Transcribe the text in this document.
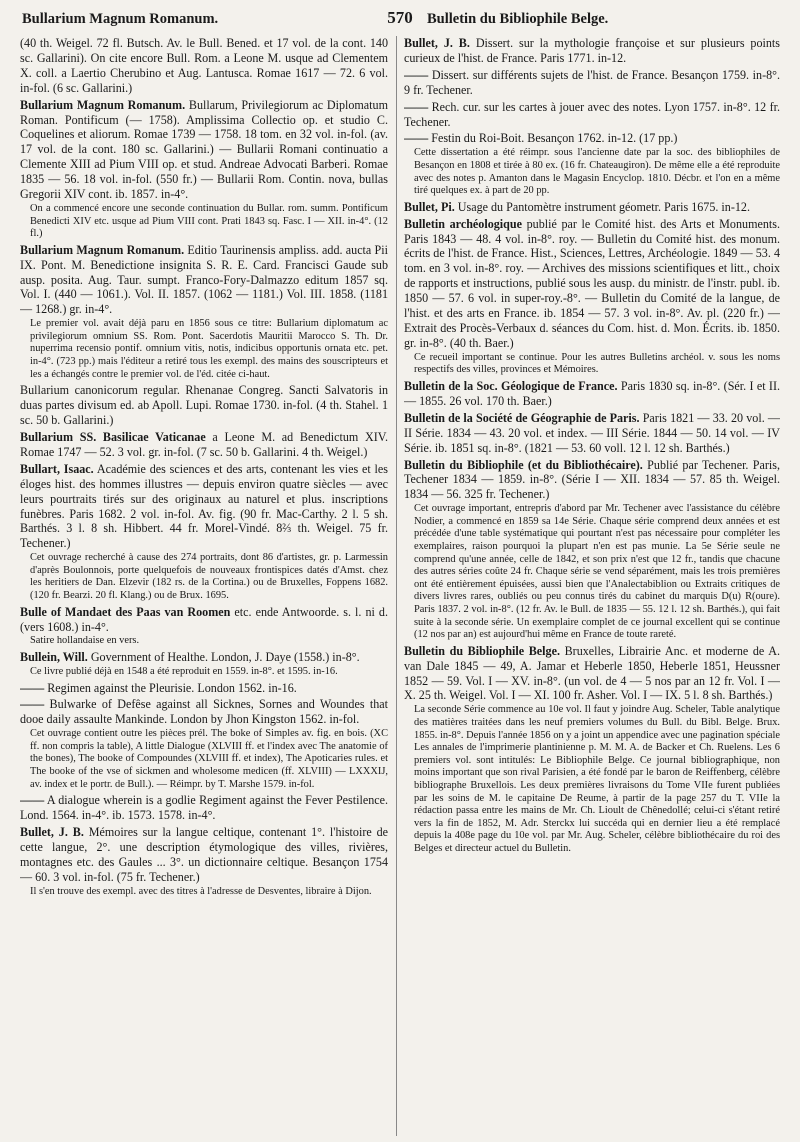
Bullarium Magnum Romanum.	570 Bulletin du Bibliophile Belge.
(40 th. Weigel. 72 fl. Butsch. Av. le Bull. Bened. et 17 vol. de la cont. 140 sc. Gallarini). On cite encore Bull. Rom. a Leone M. usque ad Clementem X. coll. a Laertio Cherubino et Aug. Lantusca. Romae 1617 — 72. 6 vol. in-fol. (6 sc. Gallarini.)
Bullarium Magnum Romanum. Bullarum, Privilegiorum ac Diplomatum Roman. Pontificum (— 1758). Amplissima Collectio op. et studio C. Coquelines et aliorum. Romae 1739 — 1758. 18 tom. en 32 vol. in-fol. (av. 17 vol. de la cont. 180 sc. Gallarini.) — Bullarii Romani continuatio a Clemente XIII ad Pium VIII op. et stud. Andreae Advocati Barberi. Romae 1835 — 56. 18 vol. in-fol. (550 fr.) — Bullarii Rom. Contin. nova, bullas Gregorii XIV cont. ib. 1857. in-4°.
On a commencé encore une seconde continuation du Bullar. rom. summ. Pontificum Benedicti XIV etc. usque ad Pium VIII cont. Prati 1843 sq. Fasc. I — XII. in-4°. (12 fl.)
Bullarium Magnum Romanum. Editio Taurinensis ampliss. add. aucta Pii IX. Pont. M. Benedictione insignita S. R. E. Card. Francisci Gaude sub ausp. posita. Aug. Taur. sumpt. Franco-Fory-Dalmazzo editum 1857 sq. Vol. I. (440 — 1061.). Vol. II. 1857. (1062 — 1181.) Vol. III. 1858. (1181 — 1268.) gr. in-4°.
Le premier vol. avait déjà paru en 1856 sous ce titre: Bullarium diplomatum ac privilegiorum omnium SS. Rom. Pont. Sacerdotis Mauritii Marocco S. Th. Dr. nuperrima recensio pontif. omnium vitis, notis, indicibus opportunis ornata etc. pet. in-4°. (723 pp.) mais l'éditeur a retiré tous les exempl. des mains des souscripteurs et les a échangés contre le premier vol. de l'éd. citée ci-haut.
Bullarium canonicorum regular. Rhenanae Congreg. Sancti Salvatoris in duas partes divisum ed. ab Apoll. Lupi. Romae 1730. in-fol. (4 th. Stahel. 1 sc. 50 b. Gallarini.)
Bullarium SS. Basilicae Vaticanae a Leone M. ad Benedictum XIV. Romae 1747 — 52. 3 vol. gr. in-fol. (7 sc. 50 b. Gallarini. 4 th. Weigel.)
Bullart, Isaac. Académie des sciences et des arts, contenant les vies et les éloges hist. des hommes illustres — depuis environ quatre siècles — avec leurs pourtraits tirés sur des originaux au naturel et plus. inscriptions funèbres. Paris 1682. 2 vol. in-fol. Av. fig. (90 fr. Mac-Carthy. 2 l. 5 sh. Barthés. 3 l. 8 sh. Hibbert. 44 fr. Morel-Vindé. 8⅔ th. Weigel. 75 fr. Techener.)
Cet ouvrage recherché à cause des 274 portraits, dont 86 d'artistes, gr. p. Larmessin d'après Boulonnois, porte quelquefois de nouveaux frontispices datés d'Amst. chez les heritiers de Dan. Elzevir (182 rs. de la Cortina.) ou de Bruxelles, Foppens 1682. (120 fr. Bearzi. 20 fl. Klang.) ou de Brux. 1695.
Bulle of Mandaet des Paas van Roomen etc. ende Antwoorde. s. l. ni d. (vers 1608.) in-4°.
Satire hollandaise en vers.
Bullein, Will. Government of Healthe. London, J. Daye (1558.) in-8°.
Ce livre publié déjà en 1548 a été reproduit en 1559. in-8°. et 1595. in-16.
—— Regimen against the Pleurisie. London 1562. in-16.
—— Bulwarke of Defêse against all Sicknes, Sornes and Woundes that dooe daily assaulte Mankinde. London by Jhon Kingston 1562. in-fol.
Cet ouvrage contient outre les pièces prél. The boke of Simples av. fig. en bois. (XC ff. non compris la table), A little Dialogue (XLVIII ff. et l'index avec The anatomie of the bones), The booke of Compoundes (XLVIII ff. et index), The Apoticaries rules. et The booke of the vse of sickmen and wholesome medicen (ff. XLVIII) — LXXXIJ, av. index et le portr. de Bull.). — Réimpr. by T. Marshe 1579. in-fol.
—— A dialogue wherein is a godlie Regiment against the Fever Pestilence. Lond. 1564. in-4°. ib. 1573. 1578. in-4°.
Bullet, J. B. Mémoires sur la langue celtique, contenant 1°. l'histoire de cette langue, 2°. une description étymologique des villes, rivières, montagnes etc. des Gaules ... 3°. un dictionnaire celtique. Besançon 1754 — 60. 3 vol. in-fol. (75 fr. Techener.)
Il s'en trouve des exempl. avec des titres à l'adresse de Desventes, libraire à Dijon.
Bullet, J. B. Dissert. sur la mythologie françoise et sur plusieurs points curieux de l'hist. de France. Paris 1771. in-12.
—— Dissert. sur différents sujets de l'hist. de France. Besançon 1759. in-8°. 9 fr. Techener.
—— Rech. cur. sur les cartes à jouer avec des notes. Lyon 1757. in-8°. 12 fr. Techener.
—— Festin du Roi-Boit. Besançon 1762. in-12. (17 pp.)
Cette dissertation a été réimpr. sous l'ancienne date par la soc. des bibliophiles de Besançon en 1808 et tirée à 80 ex. (16 fr. Chateaugiron). De même elle a été reproduite avec des notes p. Amanton dans le Magasin Encyclop. 1810. Décbr. et l'on en a même tiré quelques ex. à part de 20 pp.
Bullet, Pi. Usage du Pantomètre instrument géometr. Paris 1675. in-12.
Bulletin archéologique publié par le Comité hist. des Arts et Monuments. Paris 1843 — 48. 4 vol. in-8°. roy. — Bulletin du Comité hist. des monum. écrits de l'hist. de France. Hist., Sciences, Lettres, Archéologie. 1849 — 53. 4 tom. en 3 vol. in-8°. roy. — Archives des missions scientifiques et litt., choix de rapports et instructions, publié sous les ausp. du ministr. de l'instr. publ. ib. 1850 — 57. 6 vol. in super-roy.-8°. — Bulletin du Comité de la langue, de l'hist. et des arts en France. ib. 1854 — 57. 3 vol. in-8°. Av. pl. (220 fr.) — Extrait des Procès-Verbaux d. séances du Com. hist. d. Mon. Écrits. ib. 1850. gr. in-8°. (40 th. Baer.)
Ce recueil important se continue. Pour les autres Bulletins archéol. v. sous les noms respectifs des villes, provinces et Mémoires.
Bulletin de la Soc. Géologique de France. Paris 1830 sq. in-8°. (Sér. I et II. — 1855. 26 vol. 170 th. Baer.)
Bulletin de la Société de Géographie de Paris. Paris 1821 — 33. 20 vol. — II Série. 1834 — 43. 20 vol. et index. — III Série. 1844 — 50. 14 vol. — IV Série. ib. 1851 sq. in-8°. (1821 — 53. 60 voll. 12 l. 12 sh. Barthés.)
Bulletin du Bibliophile (et du Bibliothécaire). Publié par Techener. Paris, Techener 1834 — 1859. in-8°. (Série I — XII. 1834 — 57. 85 th. Weigel. 1834 — 56. 325 fr. Techener.)
Cet ouvrage important, entrepris d'abord par Mr. Techener avec l'assistance du célèbre Nodier, a commencé en 1859 sa 14e Série. Chaque série comprend deux années et est précédée d'une table systématique qui pourtant n'est pas nécessaire pour compléter les exemplaires, raison pourquoi la plupart n'en est pas munie. La 5e Série seule ne comprend qu'une année, celle de 1842, et son prix n'est que 12 fr., tandis que chacune des autres séries coûte 24 fr. Chaque série se vend séparément, mais les trois premières ont été entièrement épuisées, aussi bien que l'Analectabiblion ou Extraits critiques de divers livres rares, oubliés ou peu connus tirés du cabinet du marquis D(u) R(oure). Paris 1837. 2 vol. in-8°. (12 fr. Av. le Bull. de 1835 — 55. 12 l. 12 sh. Barthés.), qui fait suite à la seconde série. Un exemplaire complet de ce journal excellent qui se continue (12 nos par an) est aujourd'hui même en France de toute rareté.
Bulletin du Bibliophile Belge. Bruxelles, Librairie Anc. et moderne de A. van Dale 1845 — 49, A. Jamar et Heberle 1850, Heberle 1851, Heussner 1852 — 59. Vol. I — XV. in-8°. (un vol. de 4 — 5 nos par an 12 fr. Vol. I — X. 25 th. Weigel. Vol. I — XI. 100 fr. Asher. Vol. I — IX. 5 l. 8 sh. Barthés.)
La seconde Série commence au 10e vol. Il faut y joindre Aug. Scheler, Table analytique des matières traitées dans les neuf premiers volumes du Bull. du Bibl. Belge. Brux. 1855. in-8°. Depuis l'année 1856 on y a joint un appendice avec une pagination spéciale Les annales de l'imprimerie plantinienne p. M. M. A. de Backer et Ch. Ruelens. Les 6 premiers vol. sont intitulés: Le Bibliophile Belge. Ce journal bibliographique, non moins important que son rival Parisien, a été fondé par le baron de Reiffenberg, célèbre bibliographe Bruxellois. Les deux premières livraisons du Tome VIIe furent publiées par les soins de M. le capitaine De Reume, à partir de la page 257 du T. VIIe la rédaction passa entre les mains de Mr. Ch. Lioult de Chênedollé; celui-ci s'étant retiré vers la fin de 1852, M. Adr. Sterckx lui succéda qui en dernier lieu a été remplacé depuis la 408e page du 10e vol. par Mr. Aug. Scheler, célèbre bibliothécaire du roi des Belges et directeur actuel du Bulletin.
